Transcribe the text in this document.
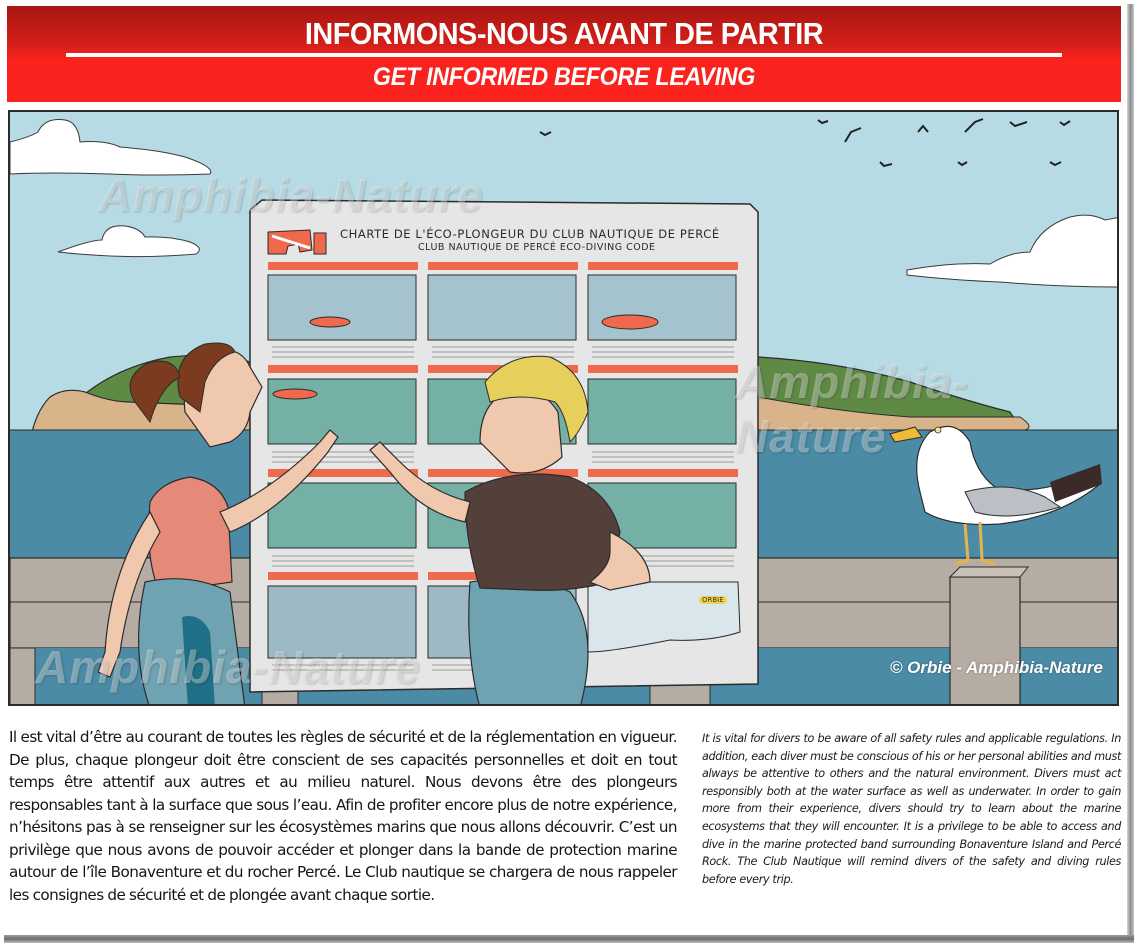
INFORMONS-NOUS AVANT DE PARTIR
GET INFORMED BEFORE LEAVING
CHARTE DE L'ÉCO-PLONGEUR DU CLUB NAUTIQUE DE PERCÉ
CLUB NAUTIQUE DE PERCÉ ECO-DIVING CODE
ORBIE
Amphibia-Nature
Amphibia-Nature
Amphibia-Nature	© Orbie - Amphibia-Nature

Il est vital d’être au courant de toutes les règles de sécurité et de la réglementation en vigueur. De plus, chaque plongeur doit être conscient de ses capacités personnelles et doit en tout temps être attentif aux autres et au milieu naturel. Nous devons être des plongeurs responsables tant à la surface que sous l’eau. Afin de profiter encore plus de notre expérience, n’hésitons pas à se renseigner sur les écosystèmes marins que nous allons découvrir. C’est un privilège que nous avons de pouvoir accéder et plonger dans la bande de protection marine autour de l’île Bonaventure et du rocher Percé. Le Club nautique se chargera de nous rappeler les consignes de sécurité et de plongée avant chaque sortie.

It is vital for divers to be aware of all safety rules and applicable regulations. In addition, each diver must be conscious of his or her personal abilities and must always be attentive to others and the natural environment. Divers must act responsibly both at the water surface as well as underwater. In order to gain more from their experience, divers should try to learn about the marine ecosystems that they will encounter. It is a privilege to be able to access and dive in the marine protected band surrounding Bonaventure Island and Percé Rock. The Club Nautique will remind divers of the safety and diving rules before every trip.
